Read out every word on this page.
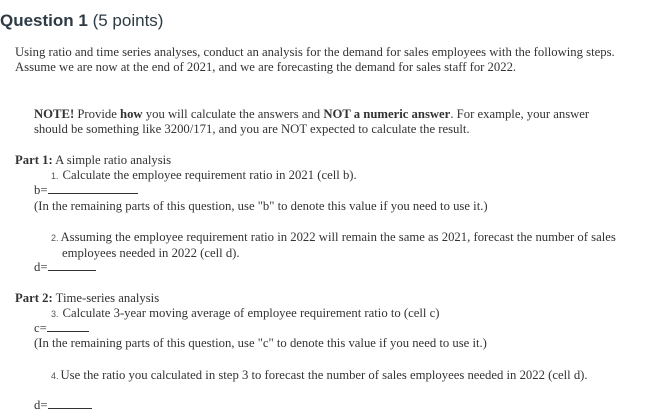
Question 1 (5 points)
Using ratio and time series analyses, conduct an analysis for the demand for sales employees with the following steps. Assume we are now at the end of 2021, and we are forecasting the demand for sales staff for 2022.
NOTE! Provide how you will calculate the answers and NOT a numeric answer. For example, your answer should be something like 3200/171, and you are NOT expected to calculate the result.
Part 1: A simple ratio analysis
1. Calculate the employee requirement ratio in 2021 (cell b).
b=
(In the remaining parts of this question, use "b" to denote this value if you need to use it.)
2. Assuming the employee requirement ratio in 2022 will remain the same as 2021, forecast the number of sales employees needed in 2022 (cell d).
d=
Part 2: Time-series analysis
3. Calculate 3-year moving average of employee requirement ratio to (cell c)
c=
(In the remaining parts of this question, use "c" to denote this value if you need to use it.)
4. Use the ratio you calculated in step 3 to forecast the number of sales employees needed in 2022 (cell d).
d=
